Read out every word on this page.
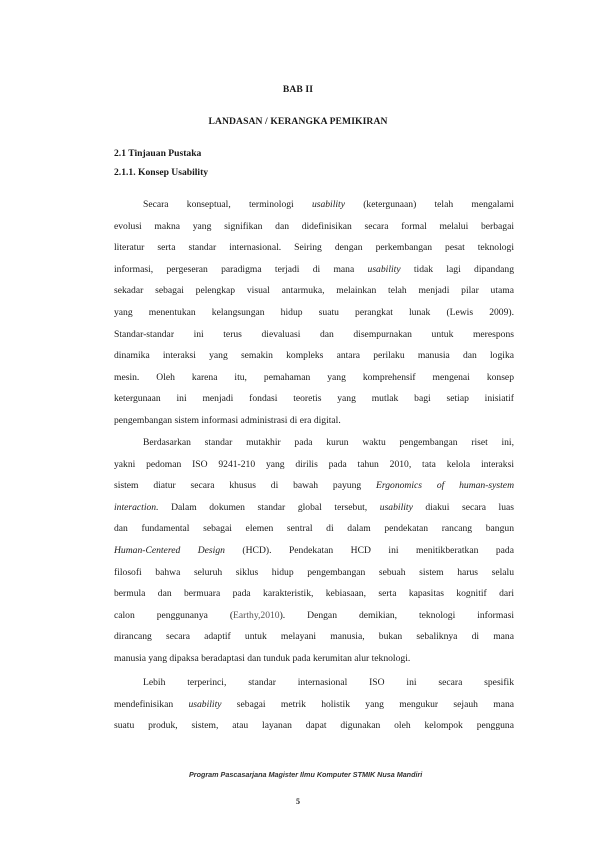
BAB II
LANDASAN / KERANGKA PEMIKIRAN
2.1 Tinjauan Pustaka
2.1.1. Konsep Usability
Secara konseptual, terminologi usability (ketergunaan) telah mengalami
evolusi makna yang signifikan dan didefinisikan secara formal melalui berbagai
literatur serta standar internasional. Seiring dengan perkembangan pesat teknologi
informasi, pergeseran paradigma terjadi di mana usability tidak lagi dipandang
sekadar sebagai pelengkap visual antarmuka, melainkan telah menjadi pilar utama
yang menentukan kelangsungan hidup suatu perangkat lunak (Lewis 2009).
Standar-standar ini terus dievaluasi dan disempurnakan untuk merespons
dinamika interaksi yang semakin kompleks antara perilaku manusia dan logika
mesin. Oleh karena itu, pemahaman yang komprehensif mengenai konsep
ketergunaan ini menjadi fondasi teoretis yang mutlak bagi setiap inisiatif
pengembangan sistem informasi administrasi di era digital.
Berdasarkan standar mutakhir pada kurun waktu pengembangan riset ini,
yakni pedoman ISO 9241-210 yang dirilis pada tahun 2010, tata kelola interaksi
sistem diatur secara khusus di bawah payung Ergonomics of human-system
interaction. Dalam dokumen standar global tersebut, usability diakui secara luas
dan fundamental sebagai elemen sentral di dalam pendekatan rancang bangun
Human-Centered Design (HCD). Pendekatan HCD ini menitikberatkan pada
filosofi bahwa seluruh siklus hidup pengembangan sebuah sistem harus selalu
bermula dan bermuara pada karakteristik, kebiasaan, serta kapasitas kognitif dari
calon penggunanya (Earthy,2010). Dengan demikian, teknologi informasi
dirancang secara adaptif untuk melayani manusia, bukan sebaliknya di mana
manusia yang dipaksa beradaptasi dan tunduk pada kerumitan alur teknologi.
Lebih terperinci, standar internasional ISO ini secara spesifik
mendefinisikan usability sebagai metrik holistik yang mengukur sejauh mana
suatu produk, sistem, atau layanan dapat digunakan oleh kelompok pengguna
Program Pascasarjana Magister Ilmu Komputer STMIK Nusa Mandiri
5
